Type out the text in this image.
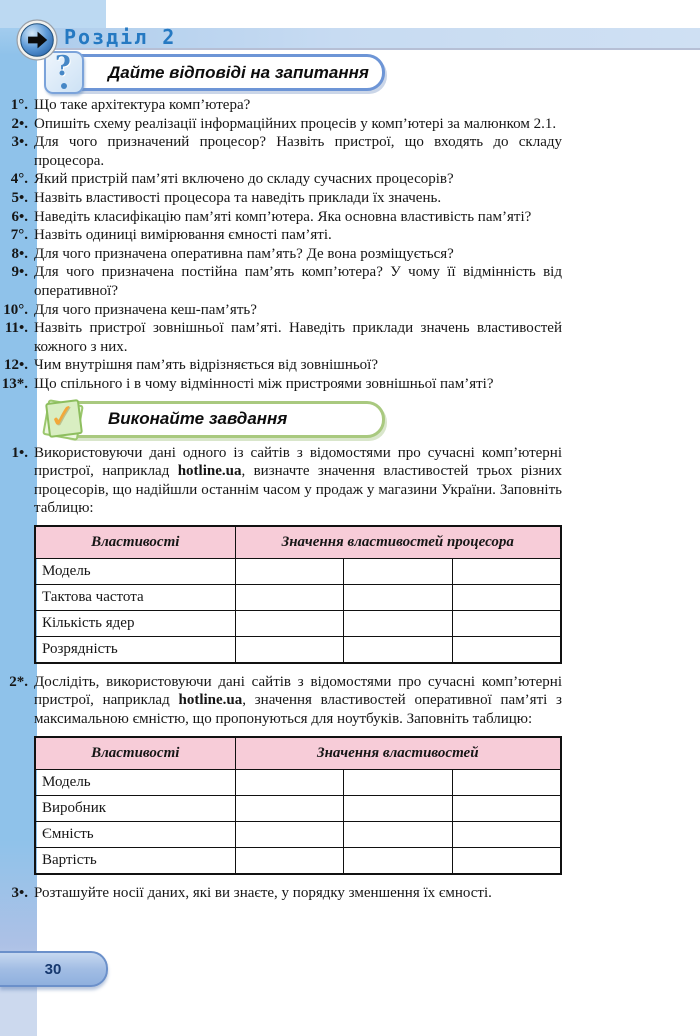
Розділ 2
Дайте відповіді на запитання
?
1°. Що таке архітектура комп’ютера?
2•. Опишіть схему реалізації інформаційних процесів у комп’ютері за малюнком 2.1.
3•. Для чого призначений процесор? Назвіть пристрої, що входять до складу процесора.
4°. Який пристрій пам’яті включено до складу сучасних процесорів?
5•. Назвіть властивості процесора та наведіть приклади їх значень.
6•. Наведіть класифікацію пам’яті комп’ютера. Яка основна властивість пам’яті?
7°. Назвіть одиниці вимірювання ємності пам’яті.
8•. Для чого призначена оперативна пам’ять? Де вона розміщується?
9•. Для чого призначена постійна пам’ять комп’ютера? У чому її відмінність від оперативної?
10°. Для чого призначена кеш-пам’ять?
11•. Назвіть пристрої зовнішньої пам’яті. Наведіть приклади значень властивостей кожного з них.
12•. Чим внутрішня пам’ять відрізняється від зовнішньої?
13*. Що спільного і в чому відмінності між пристроями зовнішньої пам’яті?
Виконайте завдання
✓
1•. Використовуючи дані одного із сайтів з відомостями про сучасні комп’ютерні пристрої, наприклад hotline.ua, визначте значення властивостей трьох різних процесорів, що надійшли останнім часом у продаж у магазини України. Заповніть таблицю:
Властивості	Значення властивостей процесора		
Модель			
Тактова частота			
Кількість ядер			
Розрядність			
2*. Дослідіть, використовуючи дані сайтів з відомостями про сучасні комп’ютерні пристрої, наприклад hotline.ua, значення властивостей оперативної пам’яті з максимальною ємністю, що пропонуються для ноутбуків. Заповніть таблицю:
Властивості	Значення властивостей		
Модель			
Виробник			
Ємність			
Вартість			
3•. Розташуйте носії даних, які ви знаєте, у порядку зменшення їх ємності.
30
